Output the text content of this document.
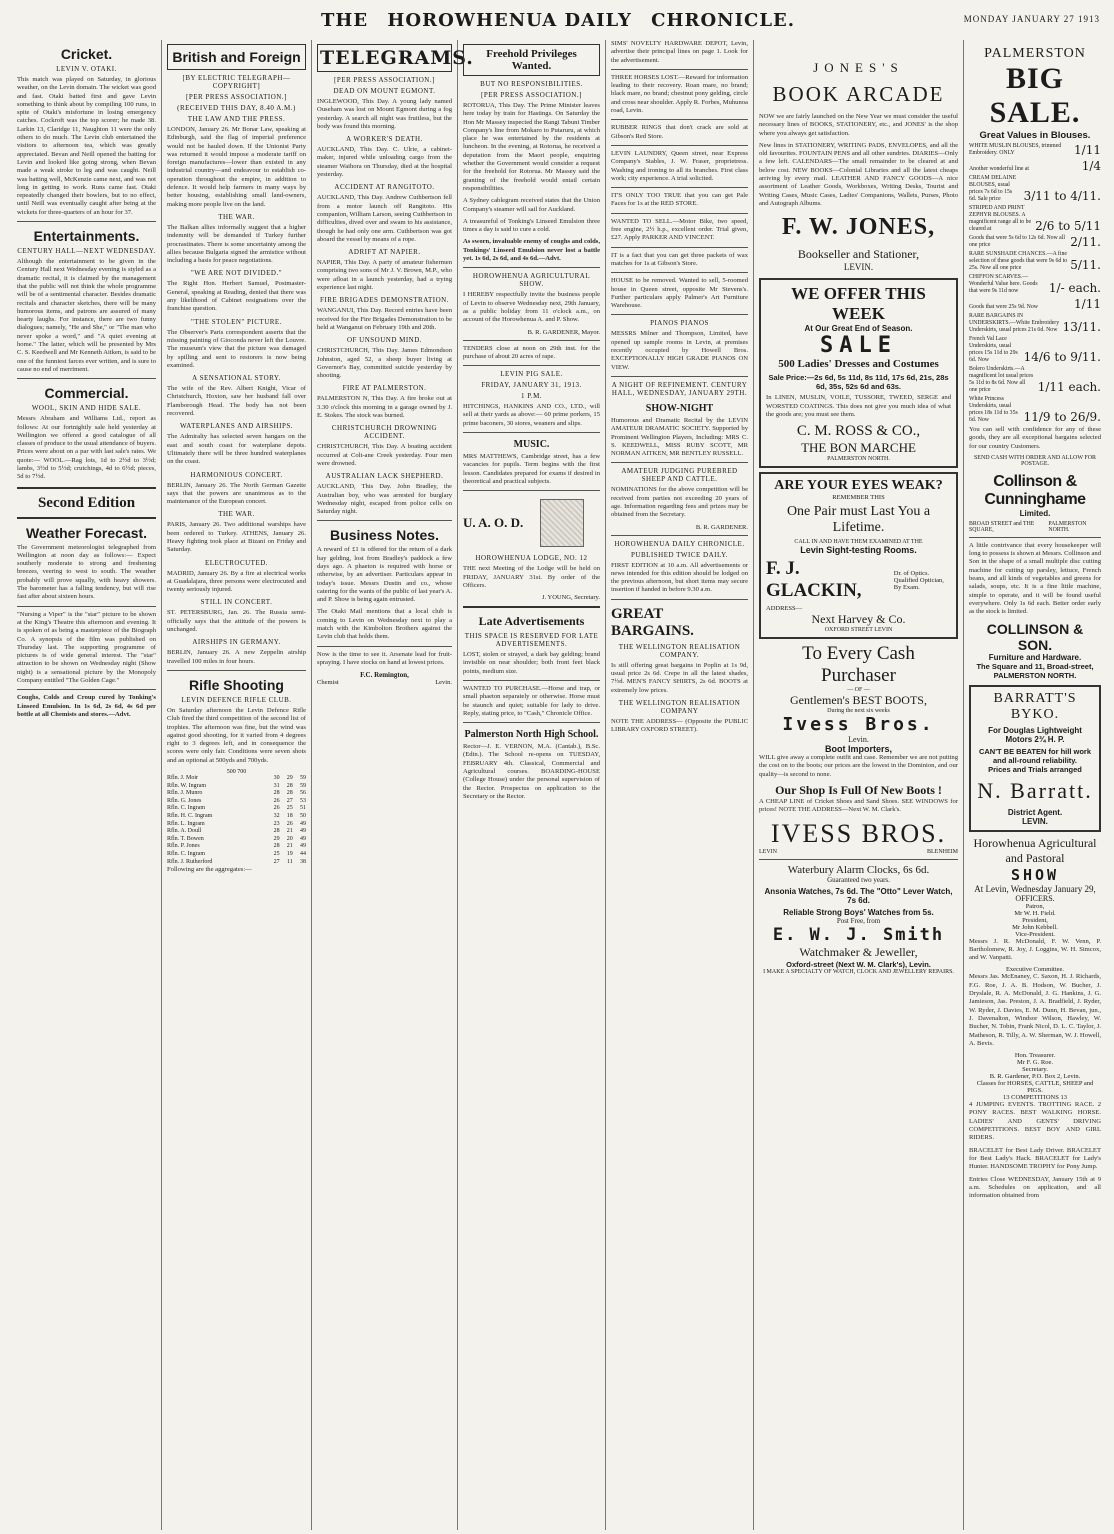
THE HOROWHENUA DAILY CHRONICLE.	MONDAY JANUARY 27 1913
Cricket.
LEVIN V. OTAKI.

This match was played on Saturday, in glorious weather, on the Levin domain. The wicket was good and fast. Otaki batted first and gave Levin something to think about by compiling 100 runs, in spite of Otaki's misfortune in losing emergency catches. Cockroft was the top scorer; he made 38. Larkin 13, Claridge 11, Naughton 11 were the only others to do much. The Levin club entertained the visitors to afternoon tea, which was greatly appreciated. Bevan and Neill opened the batting for Levin and looked like going strong, when Bevan made a weak stroke to leg and was caught. Neill was batting well, McKenzie came next, and was not long in getting to work. Runs came fast. Otaki repeatedly changed their bowlers, but to no effect, until Neill was eventually caught after being at the wickets for three-quarters of an hour for 37.

Entertainments.
CENTURY HALL—NEXT WEDNESDAY.

Although the entertainment to be given in the Century Hall next Wednesday evening is styled as a dramatic recital, it is claimed by the management that the public will not think the whole programme will be of a sentimental character. Besides dramatic recitals and character sketches, there will be many humorous items, and patrons are assured of many hearty laughs. For instance, there are two funny dialogues; namely, "He and She," or "The man who never spoke a word," and "A quiet evening at home." The latter, which will be presented by Mrs C. S. Keedwell and Mr Kenneth Aitken, is said to be one of the funniest farces ever written, and is sure to cause no end of merriment.

Commercial.
WOOL, SKIN AND HIDE SALE.

Messrs Abraham and Williams Ltd., report as follows: At our fortnightly sale held yesterday at Wellington we offered a good catalogue of all classes of produce to the usual attendance of buyers. Prices were about on a par with last sale's rates. We quote:— WOOL.—Rag lots, 1d to 2½d to 3½d; lambs, 3½d to 5½d; crutchings, 4d to 6½d; pieces, 5d to 7½d.

Second Edition
Weather Forecast.

The Government meteorologist telegraphed from Wellington at noon day as follows:— Expect southerly moderate to strong and freshening breezes, veering to west to south. The weather probably will prove squally, with heavy showers. The barometer has a falling tendency, but will rise fast after about sixteen hours.

"Nursing a Viper" is the "star" picture to be shown at the King's Theatre this afternoon and evening. It is spoken of as being a masterpiece of the Biograph Co. A synopsis of the film was published on Thursday last. The supporting programme of pictures is of wide general interest. The "star" attraction to be shown on Wednesday night (Show night) is a sensational picture by the Monopoly Company entitled "The Golden Cage."

Coughs, Colds and Croup cured by Tonking's Linseed Emulsion. In 1s 6d, 2s 6d, 4s 6d per bottle at all Chemists and stores.—Advt.

British and Foreign
[BY ELECTRIC TELEGRAPH—COPYRIGHT]
[PER PRESS ASSOCIATION.]
(RECEIVED THIS DAY, 8.40 A.M.)
THE LAW AND THE PRESS.

LONDON, January 26. Mr Bonar Law, speaking at Edinburgh, said the flag of imperial preference would not be hauled down. If the Unionist Party was returned it would impose a moderate tariff on foreign manufactures—lower than existed in any industrial country—and endeavour to establish co-operation throughout the empire, in addition to defence. It would help farmers in many ways by better housing, establishing small land-owners, making more people live on the land.

THE WAR.

The Balkan allies informally suggest that a higher indemnity will be demanded if Turkey further procrastinates. There is some uncertainty among the allies because Bulgaria signed the armistice without including a basis for peace negotiations.

"WE ARE NOT DIVIDED."

The Right Hon. Herbert Samuel, Postmaster-General, speaking at Reading, denied that there was any likelihood of Cabinet resignations over the franchise question.

"THE STOLEN" PICTURE.

The Observer's Paris correspondent asserts that the missing painting of Gioconda never left the Louvre. The museum's view that the picture was damaged by spilling and sent to restorers is now being examined.

A SENSATIONAL STORY.

The wife of the Rev. Albert Knight, Vicar of Christchurch, Hoxton, saw her husband fall over Flamborough Head. The body has not been recovered.

WATERPLANES AND AIRSHIPS.

The Admiralty has selected seven hangars on the east and south coast for waterplane depots. Ultimately there will be three hundred waterplanes on the coast.

HARMONIOUS CONCERT.

BERLIN, January 26. The North German Gazette says that the powers are unanimous as to the maintenance of the European concert.

THE WAR.

PARIS, January 26. Two additional warships have been ordered to Turkey. ATHENS, January 26. Heavy fighting took place at Bizani on Friday and Saturday.

ELECTROCUTED.

MADRID, January 26. By a fire at electrical works at Guadalajara, three persons were electrocuted and twenty seriously injured.

STILL IN CONCERT.

ST. PETERSBURG, Jan. 26. The Russia semi-officially says that the attitude of the powers is unchanged.

AIRSHIPS IN GERMANY.

BERLIN, January 26. A new Zeppelin airship travelled 100 miles in four hours.

Rifle Shooting
LEVIN DEFENCE RIFLE CLUB.

On Saturday afternoon the Levin Defence Rifle Club fired the third competition of the second list of trophies. The afternoon was fine, but the wind was against good shooting, for it varied from 4 degrees right to 3 degrees left, and in consequence the scores were only fair. Conditions were seven shots and an optional at 500yds and 700yds.

500 700
Rfln. J. Moir	30	29	59
Rfln. W. Ingram	31	28	59
Rfln. J. Munro	28	28	56
Rfln. G. Jones	26	27	53
Rfln. C. Ingram	26	25	51
Rfln. H. C. Ingram	32	18	50
Rfln. L. Ingram	23	26	49
Rfln. A. Doull	28	21	49
Rfln. T. Bowen	29	20	49
Rfln. P. Jones	28	21	49
Rfln. C. Ingram	25	19	44
Rfln. J. Rutherford	27	11	38

Following are the aggregates:—

TELEGRAMS.
[PER PRESS ASSOCIATION.]
DEAD ON MOUNT EGMONT.

INGLEWOOD, This Day. A young lady named Ouseham was lost on Mount Egmont during a fog yesterday. A search all night was fruitless, but the body was found this morning.

A WORKER'S DEATH.

AUCKLAND, This Day. C. Ulrie, a cabinet-maker, injured while unloading cargo from the steamer Waihora on Thursday, died at the hospital yesterday.

ACCIDENT AT RANGITOTO.

AUCKLAND, This Day. Andrew Cuthbertson fell from a motor launch off Rangitoto. His companion, William Larson, seeing Cuthbertson in difficulties, dived over and swam to his assistance, though he had only one arm. Cuthbertson was got aboard the vessel by means of a rope.

ADRIFT AT NAPIER.

NAPIER, This Day. A party of amateur fishermen comprising two sons of Mr J. V. Brown, M.P., who were afloat in a launch yesterday, had a trying experience last night.

FIRE BRIGADES DEMONSTRATION.

WANGANUI, This Day. Record entries have been received for the Fire Brigades Demonstration to be held at Wanganui on February 19th and 20th.

OF UNSOUND MIND.

CHRISTCHURCH, This Day. James Edmondson Johnston, aged 52, a sheep buyer living at Governor's Bay, committed suicide yesterday by shooting.

FIRE AT PALMERSTON.

PALMERSTON N, This Day. A fire broke out at 3.30 o'clock this morning in a garage owned by J. E. Stokes. The stock was burned.

CHRISTCHURCH DROWNING ACCIDENT.

CHRISTCHURCH, This Day. A boating accident occurred at Colt-ane Creek yesterday. Four men were drowned.

AUSTRALIAN LACK SHEPHERD.

AUCKLAND, This Day. John Bradley, the Australian boy, who was arrested for burglary Wednesday night, escaped from police cells on Saturday night.

Business Notes.

A reward of £1 is offered for the return of a dark bay gelding, lost from Bradley's paddock a few days ago. A phaeton is required with horse or otherwise, by an advertiser. Particulars appear in today's issue. Messrs Dustin and co., whose catering for the wants of the public of last year's A. and P. Show is being again entrusted.

The Otaki Mail mentions that a local club is coming to Levin on Wednesday next to play a match with the Kimbolton Brothers against the Levin club that holds them.

Now is the time to see it. Arsenate lead for fruit-spraying. I have stocks on hand at lowest prices.

F.C. Remington,
Chemist	Levin.
Freehold Privileges Wanted.
BUT NO RESPONSIBILITIES.
[PER PRESS ASSOCIATION.]

ROTORUA, This Day. The Prime Minister leaves here today by train for Hastings. On Saturday the Hon Mr Massey inspected the Rangi Tabuni Timber Company's line from Mokaro to Putaruru, at which place he was entertained by the residents at luncheon. In the evening, at Rotorua, he received a deputation from the Maori people, enquiring whether the Government would consider a request for the freehold for Rotorua. Mr Massey said the granting of the freehold would entail certain responsibilities.

A Sydney cablegram received states that the Union Company's steamer will sail for Auckland.

A treasureful of Tonking's Linseed Emulsion three times a day is said to cure a cold.

As sworn, invaluable enemy of coughs and colds, Tonkings' Linseed Emulsion never lost a battle yet. 1s 6d, 2s 6d, and 4s 6d.—Advt.

HOROWHENUA AGRICULTURAL SHOW.

I HEREBY respectfully invite the business people of Levin to observe Wednesday next, 29th January, as a public holiday from 11 o'clock a.m., on account of the Horowhenua A. and P. Show.

B. R. GARDENER, Mayor.

TENDERS close at noon on 29th inst. for the purchase of about 20 acres of rape.

LEVIN PIG SALE.
FRIDAY, JANUARY 31, 1913.
1 P.M.

HITCHINGS, HANKINS AND CO., LTD., will sell at their yards as above:— 60 prime porkers, 15 prime baconers, 30 stores, weaners and slips.

MUSIC.

MRS MATTHEWS, Cambridge street, has a few vacancies for pupils. Term begins with the first lesson. Candidates prepared for exams if desired in theoretical and practical subjects.

U. A. O. D.
HOROWHENUA LODGE, NO. 12

THE next Meeting of the Lodge will be held on FRIDAY, JANUARY 31st. By order of the Officers.

J. YOUNG, Secretary.
Late Advertisements
THIS SPACE IS RESERVED FOR LATE ADVERTISEMENTS.

LOST, stolen or strayed, a dark bay gelding; brand invisible on near shoulder; both front feet black points, medium size.

WANTED TO PURCHASE.—Horse and trap, or small phaeton separately or otherwise. Horse must be staunch and quiet; suitable for lady to drive. Reply, stating price, to "Cash," Chronicle Office.

Palmerston North High School.

Rector—J. E. VERNON, M.A. (Cantab.), B.Sc. (Edin.). The School re-opens on TUESDAY, FEBRUARY 4th. Classical, Commercial and Agricultural courses. BOARDING-HOUSE (College House) under the personal supervision of the Rector. Prospectus on application to the Secretary or the Rector.

SIMS' NOVELTY HARDWARE DEPOT, Levin, advertise their principal lines on page 1. Look for the advertisement.

THREE HORSES LOST.—Reward for information leading to their recovery. Roan mare, no brand; black mare, no brand; chestnut pony gelding, circle and cross near shoulder. Apply R. Forbes, Muhunoa road, Levin.

RUBBER RINGS that don't crack are sold at Gibson's Red Store.

LEVIN LAUNDRY, Queen street, near Express Company's Stables, J. W. Fraser, proprietress. Washing and ironing to all its branches. First class work; city experience. A trial solicited.

IT'S ONLY TOO TRUE that you can get Pale Faces for 1s at the RED STORE.

WANTED TO SELL.—Motor Bike, two speed, free engine, 2½ h.p., excellent order. Trial given, £27. Apply PARKER AND VINCENT.

IT is a fact that you can get three packets of wax matches for 1s at Gibson's Store.

HOUSE to be removed. Wanted to sell, 5-roomed house in Queen street, opposite Mr Stevens's. Further particulars apply Palmer's Art Furniture Warehouse.

PIANOS PIANOS

MESSRS Milner and Thompson, Limited, have opened up sample rooms in Levin, at premises recently occupied by Howell Bros. EXCEPTIONALLY HIGH GRADE PIANOS ON VIEW.

A NIGHT OF REFINEMENT. CENTURY HALL, WEDNESDAY, JANUARY 29TH.
SHOW-NIGHT

Humorous and Dramatic Recital by the LEVIN AMATEUR DRAMATIC SOCIETY. Supported by Prominent Wellington Players, Including: MRS C. S. KEEDWELL, MISS RUBY SCOTT, MR NORMAN AITKEN, MR BENTLEY RUSSELL.

AMATEUR JUDGING PUREBRED SHEEP AND CATTLE.

NOMINATIONS for the above competition will be received from parties not exceeding 20 years of age. Information regarding fees and prizes may be obtained from the Secretary.

B. R. GARDENER.
HOROWHENUA DAILY CHRONICLE.
PUBLISHED TWICE DAILY.

FIRST EDITION at 10 a.m. All advertisements or news intended for this edition should be lodged on the previous afternoon, but short items may secure insertion if handed in before 9.30 a.m.

GREAT BARGAINS.
THE WELLINGTON REALISATION COMPANY.

Is still offering great bargains in Poplin at 1s 9d, usual price 2s 6d. Crepe in all the latest shades, 7½d. MEN'S FANCY SHIRTS, 2s 6d. BOOTS at extremely low prices.

THE WELLINGTON REALISATION COMPANY

NOTE THE ADDRESS— (Opposite the PUBLIC LIBRARY OXFORD STREET).

JONES'S
BOOK ARCADE

NOW we are fairly launched on the New Year we must consider the useful necessary lines of BOOKS, STATIONERY, etc., and JONES' is the shop where you always get satisfaction.

New lines in STATIONERY, WRITING PADS, ENVELOPES, and all the old favourites. FOUNTAIN PENS and all other sundries. DIARIES—Only a few left. CALENDARS—The small remainder to be cleared at and below cost. NEW BOOKS—Colonial Libraries and all the latest cheaps arriving by every mail. LEATHER AND FANCY GOODS—A nice assortment of Leather Goods, Workboxes, Writing Desks, Tourist and Writing Cases, Music Cases, Ladies' Companions, Wallets, Purses, Photo and Autograph Albums.

F. W. JONES,
Bookseller and Stationer,
LEVIN.
WE OFFER THIS WEEK
At Our Great End of Season.
SALE
500 Ladies' Dresses and Costumes
Sale Price:—2s 6d, 5s 11d, 8s 11d, 17s 6d, 21s, 28s 6d, 35s, 52s 6d and 63s.

In LINEN, MUSLIN, VOILE, TUSSORE, TWEED, SERGE and WORSTED COATINGS. This does not give you much idea of what the goods are; you must see them.

C. M. ROSS & CO.,
THE BON MARCHE
PALMERSTON NORTH.
ARE YOUR EYES WEAK?
REMEMBER THIS
One Pair must Last You a Lifetime.
CALL IN AND HAVE THEM EXAMINED AT THE
Levin Sight-testing Rooms.
F. J. GLACKIN,
Dr. of Optics. Qualified Optician, By Exam.
ADDRESS—
Next Harvey & Co.
OXFORD STREET LEVIN
To Every Cash
Purchaser
— OF —
Gentlemen's BEST BOOTS,
During the next six weeks
Ivess Bros.
Levin.
Boot Importers,

WILL give away a complete outfit and case. Remember we are not putting the cost on to the boots; our prices are the lowest in the Dominion, and our quality—is second to none.

Our Shop Is Full Of New Boots !

A CHEAP LINE of Cricket Shoes and Sand Shoes. SEE WINDOWS for prices! NOTE THE ADDRESS—Next W. M. Clark's.

IVESS BROS.
LEVIN	BLENHEIM
Waterbury Alarm Clocks, 6s 6d.
Guaranteed two years.
Ansonia Watches, 7s 6d. The "Otto" Lever Watch, 7s 6d.
Reliable Strong Boys' Watches from 5s.
Post Free, from
E. W. J. Smith
Watchmaker & Jeweller,
Oxford-street (Next W. M. Clark's), Levin.
I MAKE A SPECIALTY OF WATCH, CLOCK AND JEWELLERY REPAIRS.
PALMERSTON
BIG SALE.
Great Values in Blouses.
WHITE MUSLIN BLOUSES, trimmed Embroidery. ONLY	1/11
Another wonderful line at	1/4
CREAM DELAINE BLOUSES, usual prices 7s 6d to 15s 6d. Sale price	3/11 to 4/11.
STRIPED AND PRINT ZEPHYR BLOUSES. A magnificent range all to be cleared at	2/6 to 5/11
Goods that were 5s 6d to 12s 6d. Now all one price	2/11.
RARE SUNSHADE CHANCES.—A fine selection of these goods that were 9s 6d to 25s. Now all one price	5/11.
CHIFFON SCARVES.—Wonderful Value here. Goods that were 9s 11d now	1/- each.
Goods that were 25s 9d. Now	1/11
RARE BARGAINS IN UNDERSKIRTS.—White Embroidery Underskirts, usual prices 21s 6d. Now 13/11.
French Val Lace Underskirts, usual prices 15s 11d to 29s 6d. Now	14/6 to 9/11.
Bolero Underskirts.—A magnificent lot usual prices 5s 11d to 8s 6d. Now all one price	1/11 each.
White Princess Underskirts, usual prices 18s 11d to 35s 6d. Now	11/9 to 26/9.

You can sell with confidence for any of these goods, they are all exceptional bargains selected for our country Customers.

SEND CASH WITH ORDER AND ALLOW FOR POSTAGE.
Collinson & Cunninghame
Limited.
BROAD STREET and THE SQUARE,
PALMERSTON NORTH.

A little contrivance that every housekeeper will long to possess is shown at Messrs. Collinson and Son in the shape of a small multiple disc cutting machine for cutting up parsley, lettuce, French beans, and all kinds of vegetables and greens for salads, soups, etc. It is a fine little machine, simple to operate, and it will be found useful everywhere. Only 1s 6d each. Better order early as the stock is limited.

COLLINSON & SON.
Furniture and Hardware.
The Square and 11, Broad-street,
PALMERSTON NORTH.
BARRATT'S BYKO.
For Douglas Lightweight Motors 2¾ H. P.
CAN'T BE BEATEN for hill work and all-round reliability.
Prices and Trials arranged
N. Barratt.
District Agent.
LEVIN.
Horowhenua Agricultural and Pastoral
SHOW
At Levin, Wednesday January 29,
OFFICERS.
Patron,
Mr W. H. Field.
President,
Mr John Kebbell.
Vice-President.

Messrs J. R. McDonald, F. W. Venn, P. Bartholomew, R. Joy, J. Loggins, W. H. Simcox, and W. Vanpatti.

Executive Committee.

Messrs Jas. McEnaney, C. Saxon, H. J. Richards, F.G. Roe, J. A. B. Hodson, W. Bucher, J. Dryslale, R. A. McDonald, J. G. Hankins, J. G. Jamieson, Jas. Preston, J. A. Bradfield, J. Ryder, W. Ryder, J. Davies, E. M. Dunn, H. Bevan, jun., J. Davenalton, Windsor Wilson, Hawley, W. Bucher, N. Tobin, Frank Nicol, D. L. C. Taylor, J. Matheson, R. Tilly, A. W. Sherman, W. J. Howell, A. Bevis.

Hon. Treasurer.
Mr F. G. Roe.
Secretary.
B. R. Gardener, P.O. Box 2, Levin.
Classes for HORSES, CATTLE, SHEEP and PIGS.
13 COMPETITIONS 13

4 JUMPING EVENTS. TROTTING RACE. 2 PONY RACES. BEST WALKING HORSE. LADIES' AND GENTS' DRIVING COMPETITIONS. BEST BOY AND GIRL RIDERS.

BRACELET for Best Lady Driver. BRACELET for Best Lady's Hack. BRACELET for Lady's Hunter. HANDSOME TROPHY for Pony Jump.

Entries Close WEDNESDAY, January 15th at 9 a.m. Schedules on application, and all information obtained from
